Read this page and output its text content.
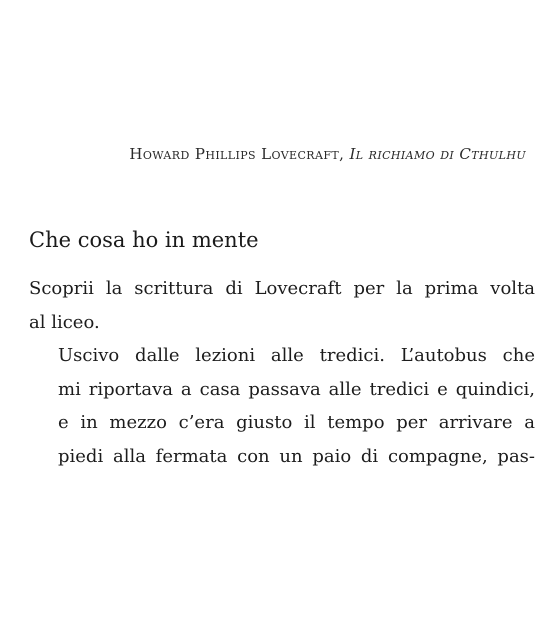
Howard Phillips Lovecraft, Il richiamo di Cthulhu
Che cosa ho in mente

Scoprii la scrittura di Lovecraft per la prima volta
al liceo.

Uscivo dalle lezioni alle tredici. L’autobus che
mi riportava a casa passava alle tredici e quindici,
e in mezzo c’era giusto il tempo per arrivare a
piedi alla fermata con un paio di compagne, pas-
